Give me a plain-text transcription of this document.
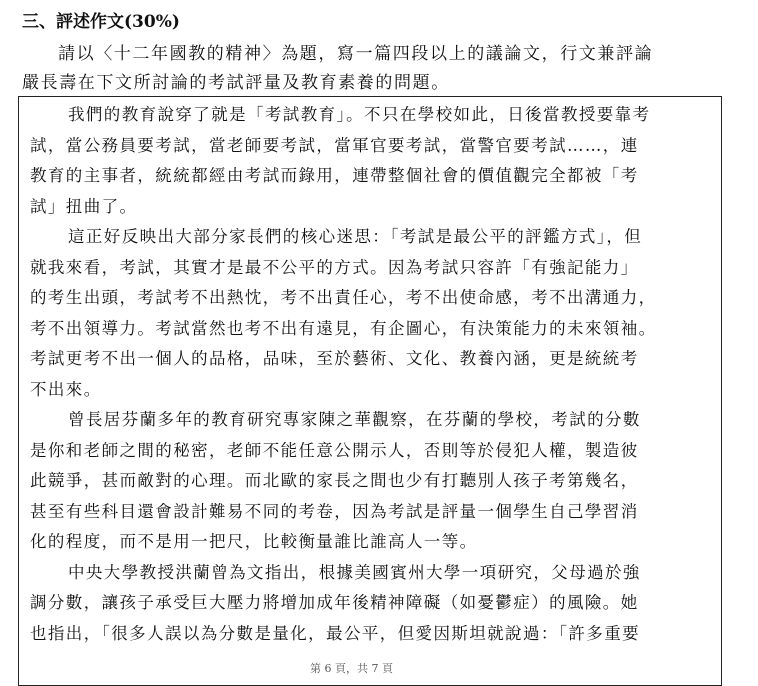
三、評述作文(30%)
請以〈十二年國教的精神〉為題，寫一篇四段以上的議論文，行文兼評論
嚴長壽在下文所討論的考試評量及教育素養的問題。
我們的教育說穿了就是「考試教育」。不只在學校如此，日後當教授要靠考
試，當公務員要考試，當老師要考試，當軍官要考試，當警官要考試……，連
教育的主事者，統統都經由考試而錄用，連帶整個社會的價值觀完全都被「考
試」扭曲了。
這正好反映出大部分家長們的核心迷思：「考試是最公平的評鑑方式」，但
就我來看，考試，其實才是最不公平的方式。因為考試只容許「有強記能力」
的考生出頭，考試考不出熱忱，考不出責任心，考不出使命感，考不出溝通力，
考不出領導力。考試當然也考不出有遠見，有企圖心，有決策能力的未來領袖。
考試更考不出一個人的品格，品味，至於藝術、文化、教養內涵，更是統統考
不出來。
曾長居芬蘭多年的教育研究專家陳之華觀察，在芬蘭的學校，考試的分數
是你和老師之間的秘密，老師不能任意公開示人，否則等於侵犯人權，製造彼
此競爭，甚而敵對的心理。而北歐的家長之間也少有打聽別人孩子考第幾名，
甚至有些科目還會設計難易不同的考卷，因為考試是評量一個學生自己學習消
化的程度，而不是用一把尺，比較衡量誰比誰高人一等。
中央大學教授洪蘭曾為文指出，根據美國賓州大學一項研究，父母過於強
調分數，讓孩子承受巨大壓力將增加成年後精神障礙（如憂鬱症）的風險。她
也指出，「很多人誤以為分數是量化，最公平，但愛因斯坦就說過：「許多重要
第 6 頁，共 7 頁
